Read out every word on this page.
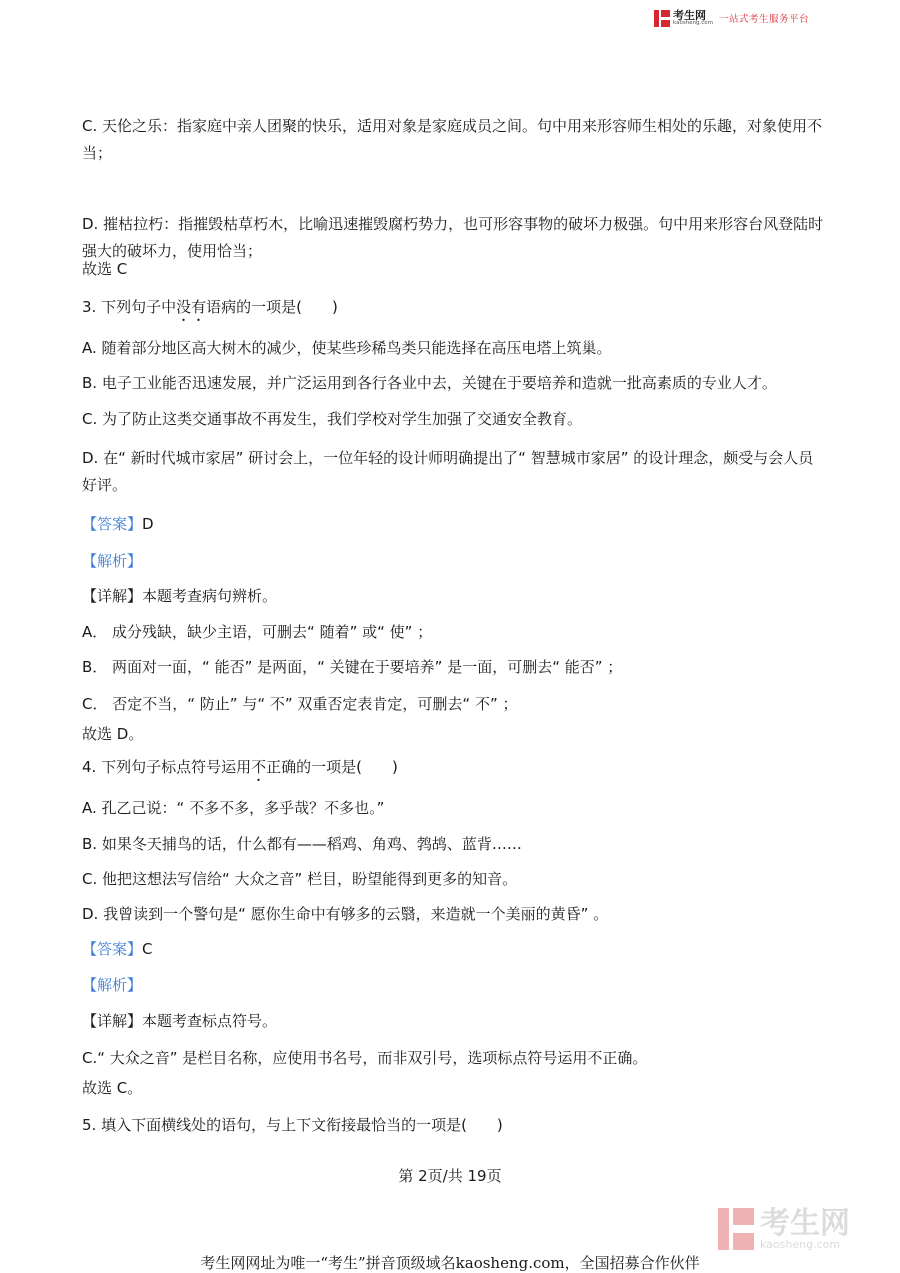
考生网
kaosheng.com 一站式考生服务平台
C. 天伦之乐：指家庭中亲人团聚的快乐，适用对象是家庭成员之间。句中用来形容师生相处的乐趣，对象使用不当；
D. 摧枯拉朽：指摧毁枯草朽木，比喻迅速摧毁腐朽势力，也可形容事物的破坏力极强。句中用来形容台风登陆时强大的破坏力，使用恰当；
故选 C
3. 下列句子中没有语病的一项是(　　)
A. 随着部分地区高大树木的减少，使某些珍稀鸟类只能选择在高压电塔上筑巢。
B. 电子工业能否迅速发展，并广泛运用到各行各业中去，关键在于要培养和造就一批高素质的专业人才。
C. 为了防止这类交通事故不再发生，我们学校对学生加强了交通安全教育。
D. 在“ 新时代城市家居” 研讨会上，一位年轻的设计师明确提出了“ 智慧城市家居” 的设计理念，颇受与会人员好评。
【答案】D
【解析】
【详解】本题考查病句辨析。
A． 成分残缺，缺少主语，可删去“ 随着” 或“ 使” ；
B． 两面对一面，“ 能否” 是两面，“ 关键在于要培养” 是一面，可删去“ 能否” ；
C． 否定不当，“ 防止” 与“ 不” 双重否定表肯定，可删去“ 不” ；
故选 D。
4. 下列句子标点符号运用不正确的一项是(　　)
A. 孔乙己说：“ 不多不多，多乎哉？不多也。”
B. 如果冬天捕鸟的话，什么都有——稻鸡、角鸡、鹁鸪、蓝背……
C. 他把这想法写信给“ 大众之音” 栏目，盼望能得到更多的知音。
D. 我曾读到一个警句是“ 愿你生命中有够多的云翳，来造就一个美丽的黄昏” 。
【答案】C
【解析】
【详解】本题考查标点符号。
C.“ 大众之音” 是栏目名称，应使用书名号，而非双引号，选项标点符号运用不正确。
故选 C。
5. 填入下面横线处的语句，与上下文衔接最恰当的一项是(　　)
第 2页/共 19页
考生网
kaosheng.com
考生网网址为唯一“考生”拼音顶级域名kaosheng.com，全国招募合作伙伴
